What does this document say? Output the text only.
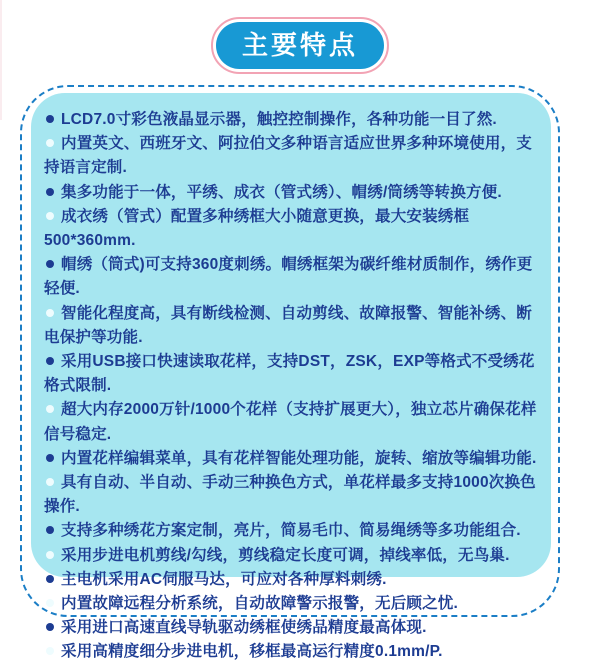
主要特点
LCD7.0寸彩色液晶显示器，触控控制操作，各种功能一目了然.
内置英文、西班牙文、阿拉伯文多种语言适应世界多种环境使用，支持语言定制.
集多功能于一体，平绣、成衣（管式绣）、帽绣/筒绣等转换方便.
成衣绣（管式）配置多种绣框大小随意更换，最大安装绣框500*360mm.
帽绣（筒式)可支持360度刺绣。帽绣框架为碳纤维材质制作，绣作更轻便.
智能化程度高，具有断线检测、自动剪线、故障报警、智能补绣、断电保护等功能.
采用USB接口快速读取花样，支持DST，ZSK，EXP等格式不受绣花格式限制.
超大内存2000万针/1000个花样（支持扩展更大），独立芯片确保花样信号稳定.
内置花样编辑菜单，具有花样智能处理功能，旋转、缩放等编辑功能.
具有自动、半自动、手动三种换色方式，单花样最多支持1000次换色操作.
支持多种绣花方案定制，亮片，简易毛巾、简易绳绣等多功能组合.
采用步进电机剪线/勾线，剪线稳定长度可调，掉线率低，无鸟巢.
主电机采用AC伺服马达，可应对各种厚料刺绣.
内置故障远程分析系统，自动故障警示报警，无后顾之忧.
采用进口高速直线导轨驱动绣框使绣品精度最高体现.
采用高精度细分步进电机，移框最高运行精度0.1mm/P.
